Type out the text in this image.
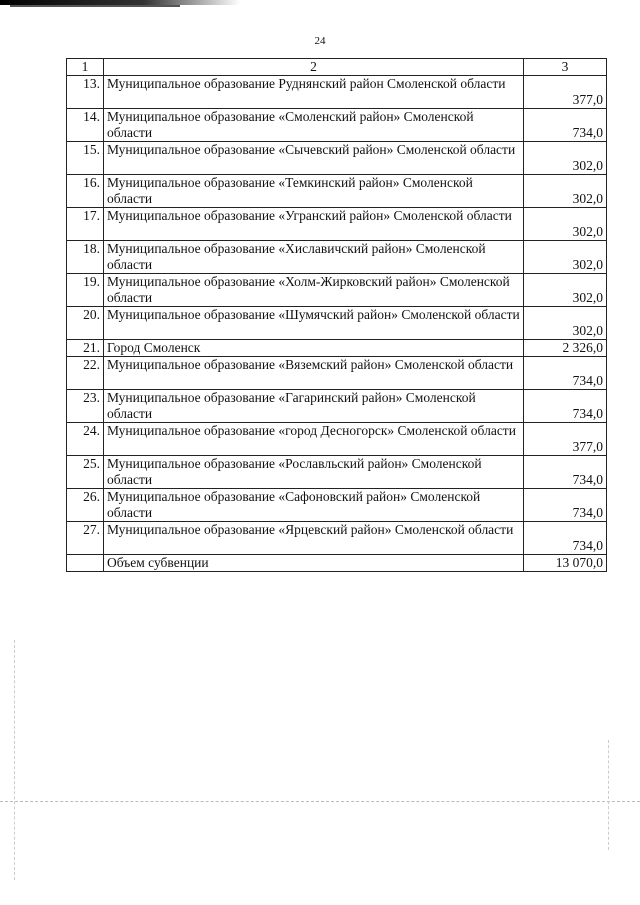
24
1	2	3
13.	Муниципальное образование Руднянский район Смоленской области	377,0
14.	Муниципальное образование «Смоленский район» Смоленской области	734,0
15.	Муниципальное образование «Сычевский район» Смоленской области	302,0
16.	Муниципальное образование «Темкинский район» Смоленской области	302,0
17.	Муниципальное образование «Угранский район» Смоленской области	302,0
18.	Муниципальное образование «Хиславичский район» Смоленской области	302,0
19.	Муниципальное образование «Холм-Жирковский район» Смоленской области	302,0
20.	Муниципальное образование «Шумячский район» Смоленской области	302,0
21.	Город Смоленск	2 326,0
22.	Муниципальное образование «Вяземский район» Смоленской области	734,0
23.	Муниципальное образование «Гагаринский район» Смоленской области	734,0
24.	Муниципальное образование «город Десногорск» Смоленской области	377,0
25.	Муниципальное образование «Рославльский район» Смоленской области	734,0
26.	Муниципальное образование «Сафоновский район» Смоленской области	734,0
27.	Муниципальное образование «Ярцевский район» Смоленской области	734,0
	Объем субвенции	13 070,0
